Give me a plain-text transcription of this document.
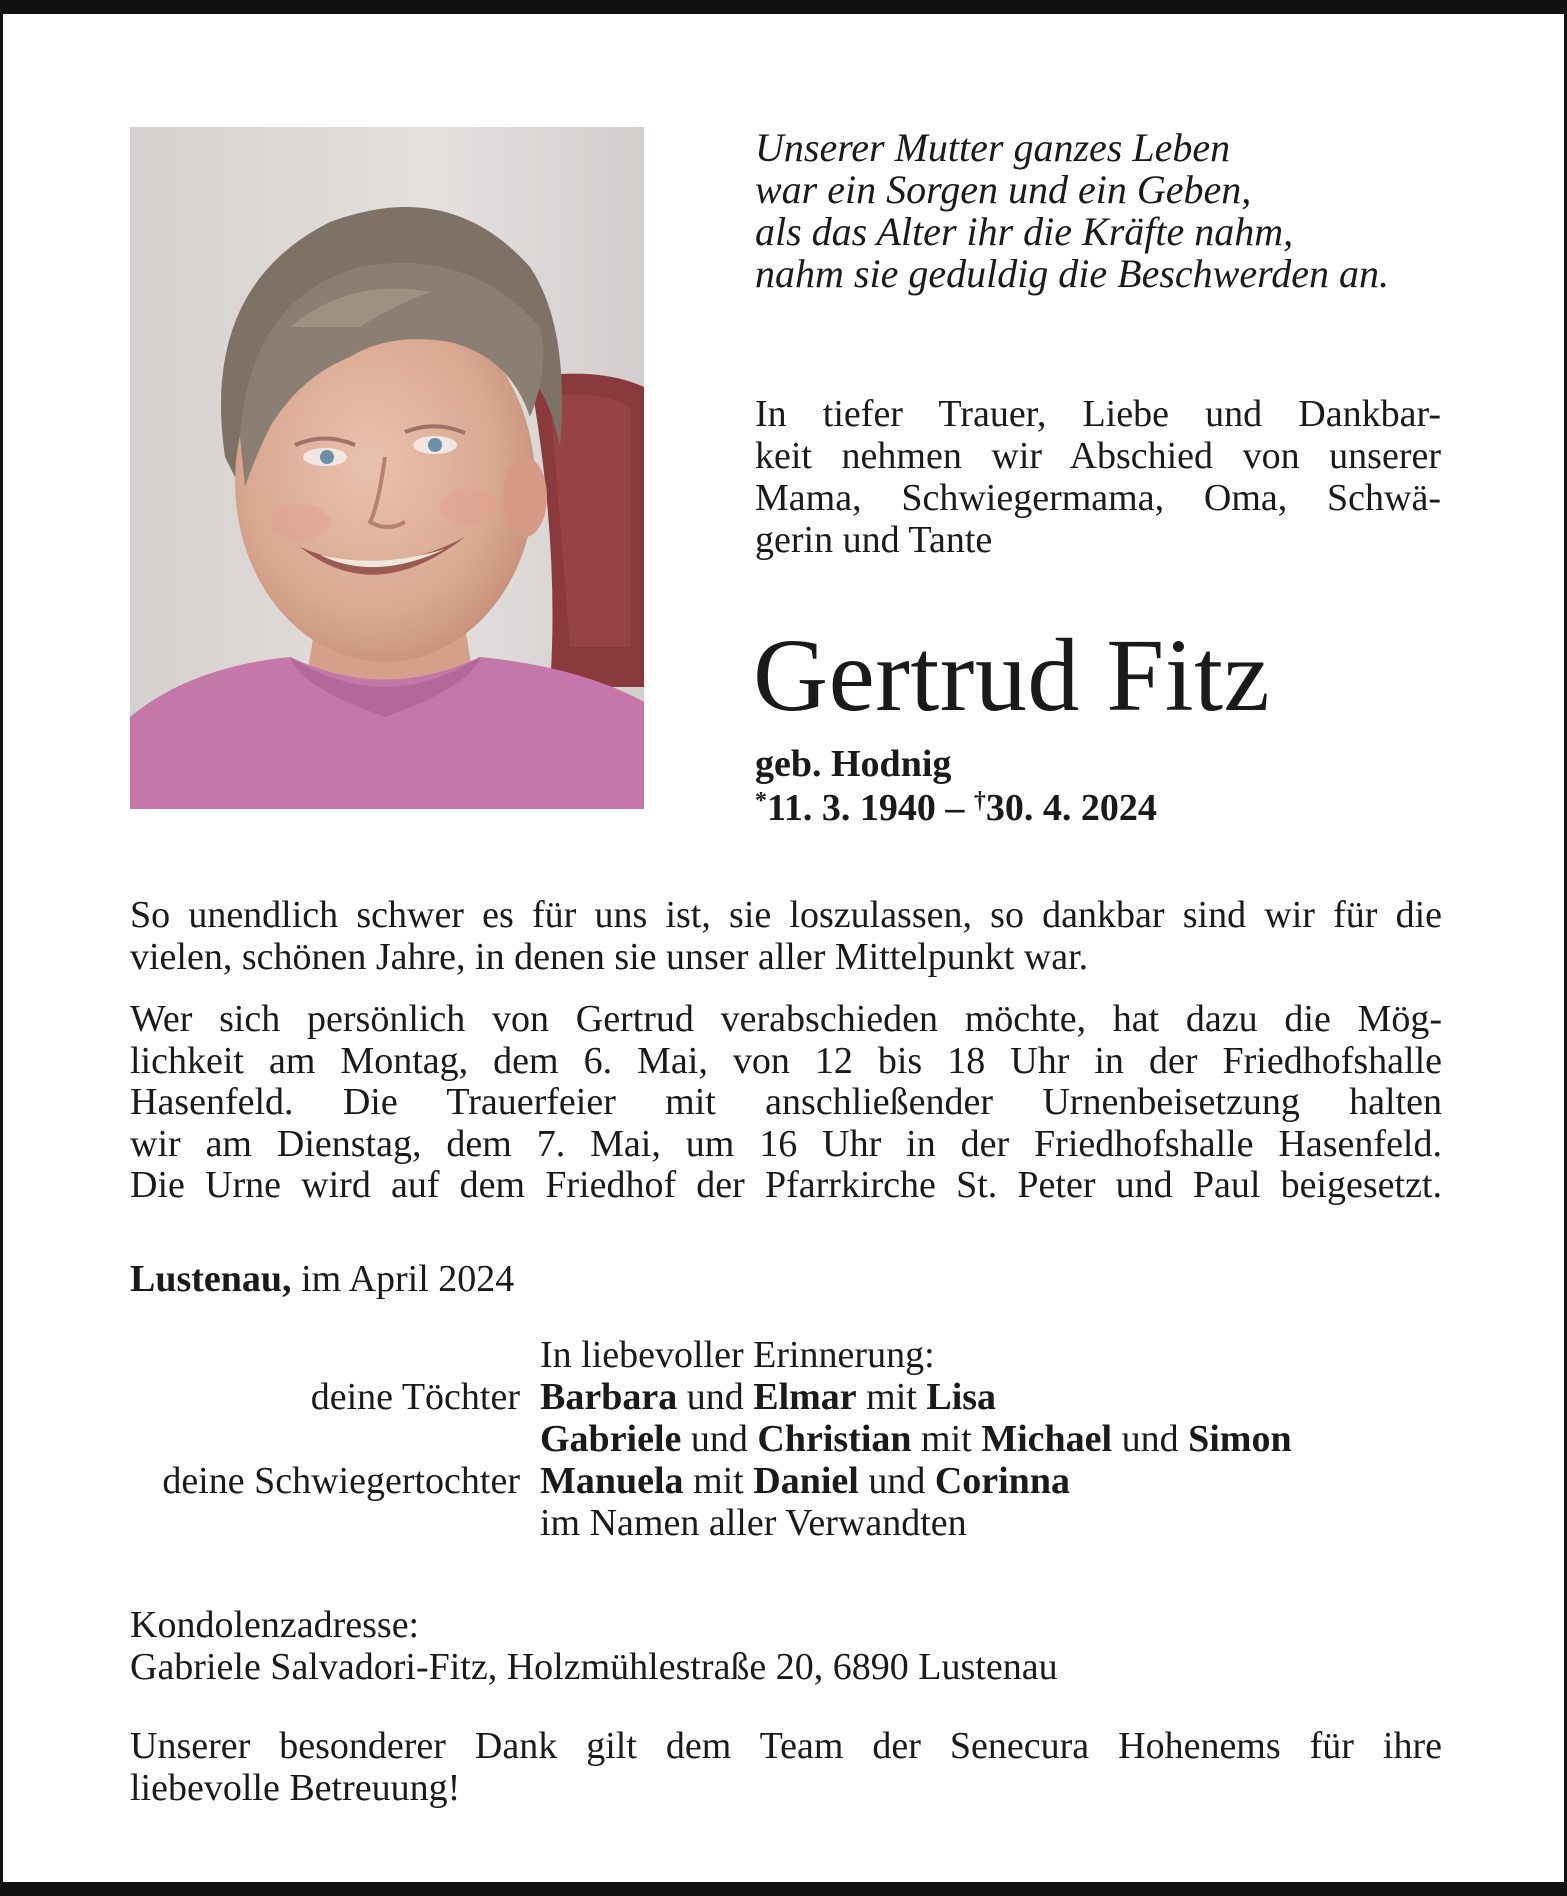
Unserer Mutter ganzes Leben
war ein Sorgen und ein Geben,
als das Alter ihr die Kräfte nahm,
nahm sie geduldig die Beschwerden an.
In tiefer Trauer, Liebe und Dankbar-
keit nehmen wir Abschied von unserer
Mama, Schwiegermama, Oma, Schwä-
gerin und Tante
Gertrud Fitz
geb. Hodnig
*11. 3. 1940 – †30. 4. 2024
So unendlich schwer es für uns ist, sie loszulassen, so dankbar sind wir für die
vielen, schönen Jahre, in denen sie unser aller Mittelpunkt war.
Wer sich persönlich von Gertrud verabschieden möchte, hat dazu die Mög-
lichkeit am Montag, dem 6. Mai, von 12 bis 18 Uhr in der Friedhofshalle
Hasenfeld. Die Trauerfeier mit anschließender Urnenbeisetzung halten
wir am Dienstag, dem 7. Mai, um 16 Uhr in der Friedhofshalle Hasenfeld.
Die Urne wird auf dem Friedhof der Pfarrkirche St. Peter und Paul beigesetzt.
Lustenau, im April 2024
In liebevoller Erinnerung:
deine Töchter Barbara und Elmar mit Lisa
Gabriele und Christian mit Michael und Simon
deine Schwiegertochter Manuela mit Daniel und Corinna
im Namen aller Verwandten
Kondolenzadresse:
Gabriele Salvadori-Fitz, Holzmühlestraße 20, 6890 Lustenau
Unserer besonderer Dank gilt dem Team der Senecura Hohenems für ihre
liebevolle Betreuung!
